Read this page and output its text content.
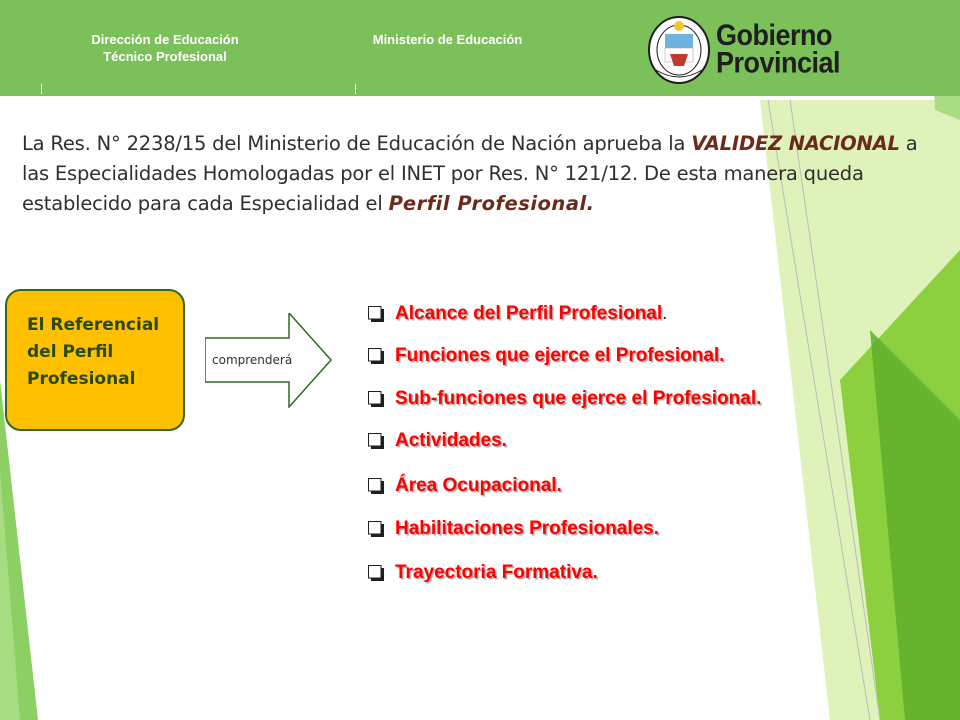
Dirección de Educación
Técnico Profesional
Ministerio de Educación	Gobierno
Provincial
La Res. N° 2238/15 del Ministerio de Educación de Nación aprueba la VALIDEZ NACIONAL a las Especialidades Homologadas por el INET por Res. N° 121/12. De esta manera queda establecido para cada Especialidad el Perfil Profesional.
El Referencial
del Perfil
Profesional
comprenderá
Alcance del Perfil Profesional .
Funciones que ejerce el Profesional.
Sub-funciones que ejerce el Profesional.
Actividades.
Área Ocupacional.
Habilitaciones Profesionales.
Trayectoria Formativa.
